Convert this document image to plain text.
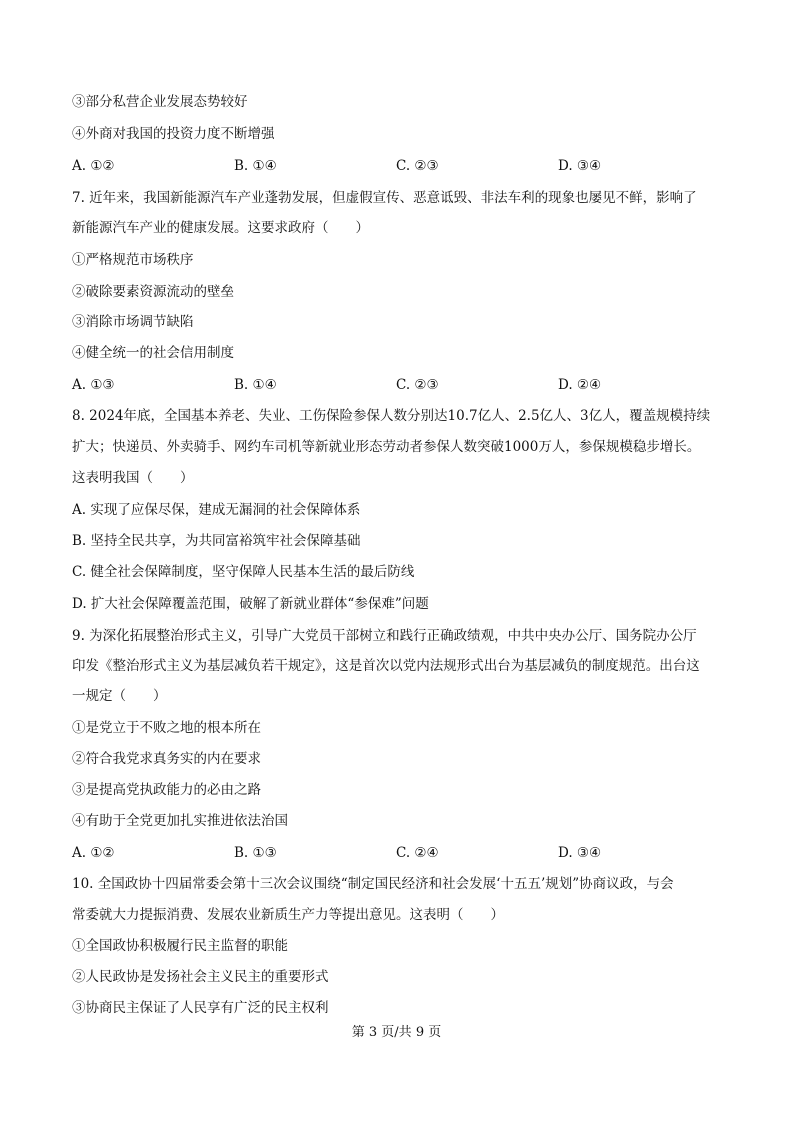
③部分私营企业发展态势较好
④外商对我国的投资力度不断增强
A. ①②	B. ①④	C. ②③	D. ③④
7. 近年来，我国新能源汽车产业蓬勃发展，但虚假宣传、恶意诋毁、非法车利的现象也屡见不鲜，影响了
新能源汽车产业的健康发展。这要求政府（　　）
①严格规范市场秩序
②破除要素资源流动的壁垒
③消除市场调节缺陷
④健全统一的社会信用制度
A. ①③	B. ①④	C. ②③	D. ②④
8. 2024年底，全国基本养老、失业、工伤保险参保人数分别达10.7亿人、2.5亿人、3亿人，覆盖规模持续
扩大；快递员、外卖骑手、网约车司机等新就业形态劳动者参保人数突破1000万人，参保规模稳步增长。
这表明我国（　　）
A. 实现了应保尽保，建成无漏洞的社会保障体系
B. 坚持全民共享，为共同富裕筑牢社会保障基础
C. 健全社会保障制度，坚守保障人民基本生活的最后防线
D. 扩大社会保障覆盖范围，破解了新就业群体“参保难”问题
9. 为深化拓展整治形式主义，引导广大党员干部树立和践行正确政绩观，中共中央办公厅、国务院办公厅
印发《整治形式主义为基层减负若干规定》，这是首次以党内法规形式出台为基层减负的制度规范。出台这
一规定（　　）
①是党立于不败之地的根本所在
②符合我党求真务实的内在要求
③是提高党执政能力的必由之路
④有助于全党更加扎实推进依法治国
A. ①②	B. ①③	C. ②④	D. ③④
10. 全国政协十四届常委会第十三次会议围绕“制定国民经济和社会发展‘十五五’规划”协商议政，与会
常委就大力提振消费、发展农业新质生产力等提出意见。这表明（　　）
①全国政协积极履行民主监督的职能
②人民政协是发扬社会主义民主的重要形式
③协商民主保证了人民享有广泛的民主权利
第 3 页/共 9 页
